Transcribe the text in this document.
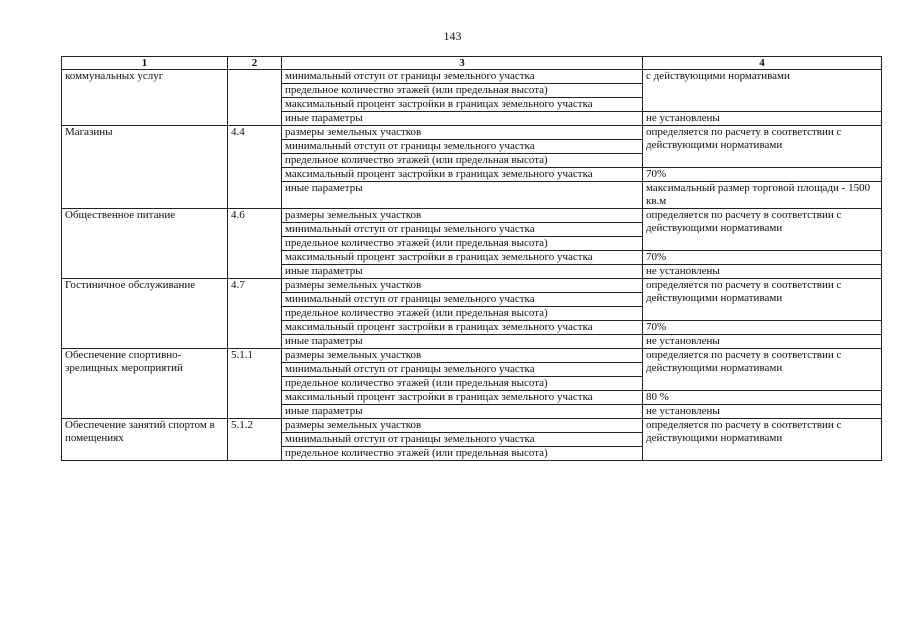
143
1	2	3	4
коммунальных услуг		минимальный отступ от границы земельного участка	с действующими нормативами
		предельное количество этажей (или предельная высота)	
		максимальный процент застройки в границах земельного участка	
		иные параметры	не установлены
Магазины	4.4	размеры земельных участков	определяется по расчету в соответствии с действующими нормативами
		минимальный отступ от границы земельного участка	
		предельное количество этажей (или предельная высота)	
		максимальный процент застройки в границах земельного участка	70%
		иные параметры	максимальный размер торговой площади - 1500 кв.м
Общественное питание	4.6	размеры земельных участков	определяется по расчету в соответствии с действующими нормативами
		минимальный отступ от границы земельного участка	
		предельное количество этажей (или предельная высота)	
		максимальный процент застройки в границах земельного участка	70%
		иные параметры	не установлены
Гостиничное обслуживание	4.7	размеры земельных участков	определяется по расчету в соответствии с действующими нормативами
		минимальный отступ от границы земельного участка	
		предельное количество этажей (или предельная высота)	
		максимальный процент застройки в границах земельного участка	70%
		иные параметры	не установлены
Обеспечение спортивно-зрелищных мероприятий	5.1.1	размеры земельных участков	определяется по расчету в соответствии с действующими нормативами
		минимальный отступ от границы земельного участка	
		предельное количество этажей (или предельная высота)	
		максимальный процент застройки в границах земельного участка	80 %
		иные параметры	не установлены
Обеспечение занятий спортом в помещениях	5.1.2	размеры земельных участков	определяется по расчету в соответствии с действующими нормативами
		минимальный отступ от границы земельного участка	
		предельное количество этажей (или предельная высота)	
